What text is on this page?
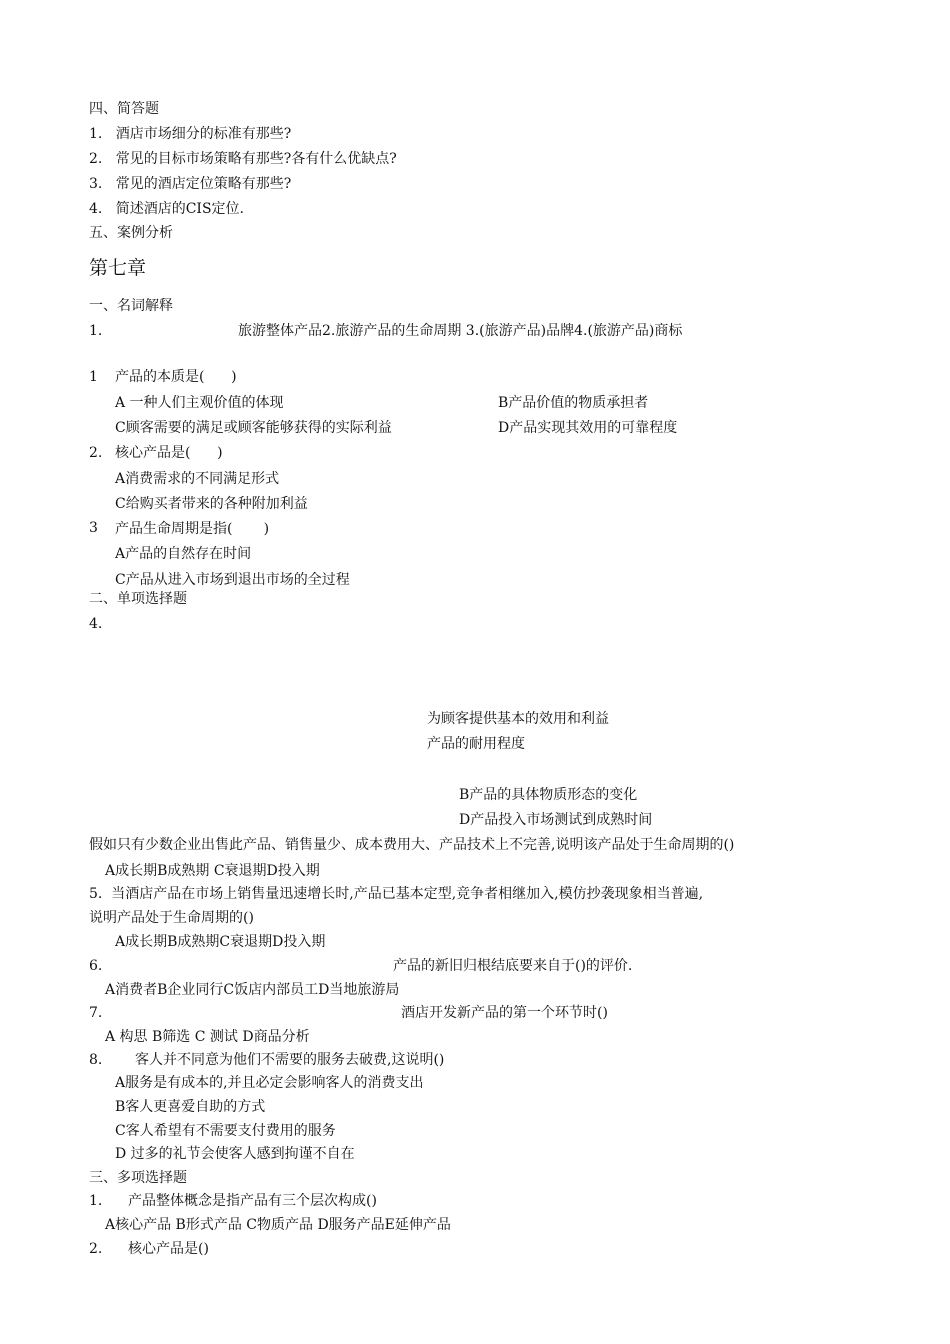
四、简答题
1.   酒店市场细分的标准有那些?
2.   常见的目标市场策略有那些?各有什么优缺点?
3.   常见的酒店定位策略有那些?
4.   简述酒店的CIS定位.
五、案例分析
第七章
一、名词解释
1.	旅游整体产品2.旅游产品的生命周期 3.(旅游产品)品牌4.(旅游产品)商标
1 产品的本质是(      )
A 一种人们主观价值的体现	B产品价值的物质承担者
C顾客需要的满足或顾客能够获得的实际利益	D产品实现其效用的可靠程度
2. 核心产品是(      )
A消费需求的不同满足形式
C给购买者带来的各种附加利益
3 产品生命周期是指(       )
A产品的自然存在时间
C产品从进入市场到退出市场的全过程
二、单项选择题
4.
为顾客提供基本的效用和利益
产品的耐用程度
B产品的具体物质形态的变化
D产品投入市场测试到成熟时间
假如只有少数企业出售此产品、销售量少、成本费用大、产品技术上不完善,说明该产品处于生命周期的()
A成长期B成熟期 C衰退期D投入期
5.  当酒店产品在市场上销售量迅速增长时,产品已基本定型,竞争者相继加入,模仿抄袭现象相当普遍,
说明产品处于生命周期的()
A成长期B成熟期C衰退期D投入期
6.	产品的新旧归根结底要来自于()的评价.
A消费者B企业同行C饭店内部员工D当地旅游局
7.	酒店开发新产品的第一个环节时()
A 构思 B筛选 C 测试 D商品分析
8. 客人并不同意为他们不需要的服务去破费,这说明()
A服务是有成本的,并且必定会影响客人的消费支出
B客人更喜爱自助的方式
C客人希望有不需要支付费用的服务
D 过多的礼节会使客人感到拘谨不自在
三、多项选择题
1. 产品整体概念是指产品有三个层次构成()
A核心产品 B形式产品 C物质产品 D服务产品E延伸产品
2. 核心产品是()
